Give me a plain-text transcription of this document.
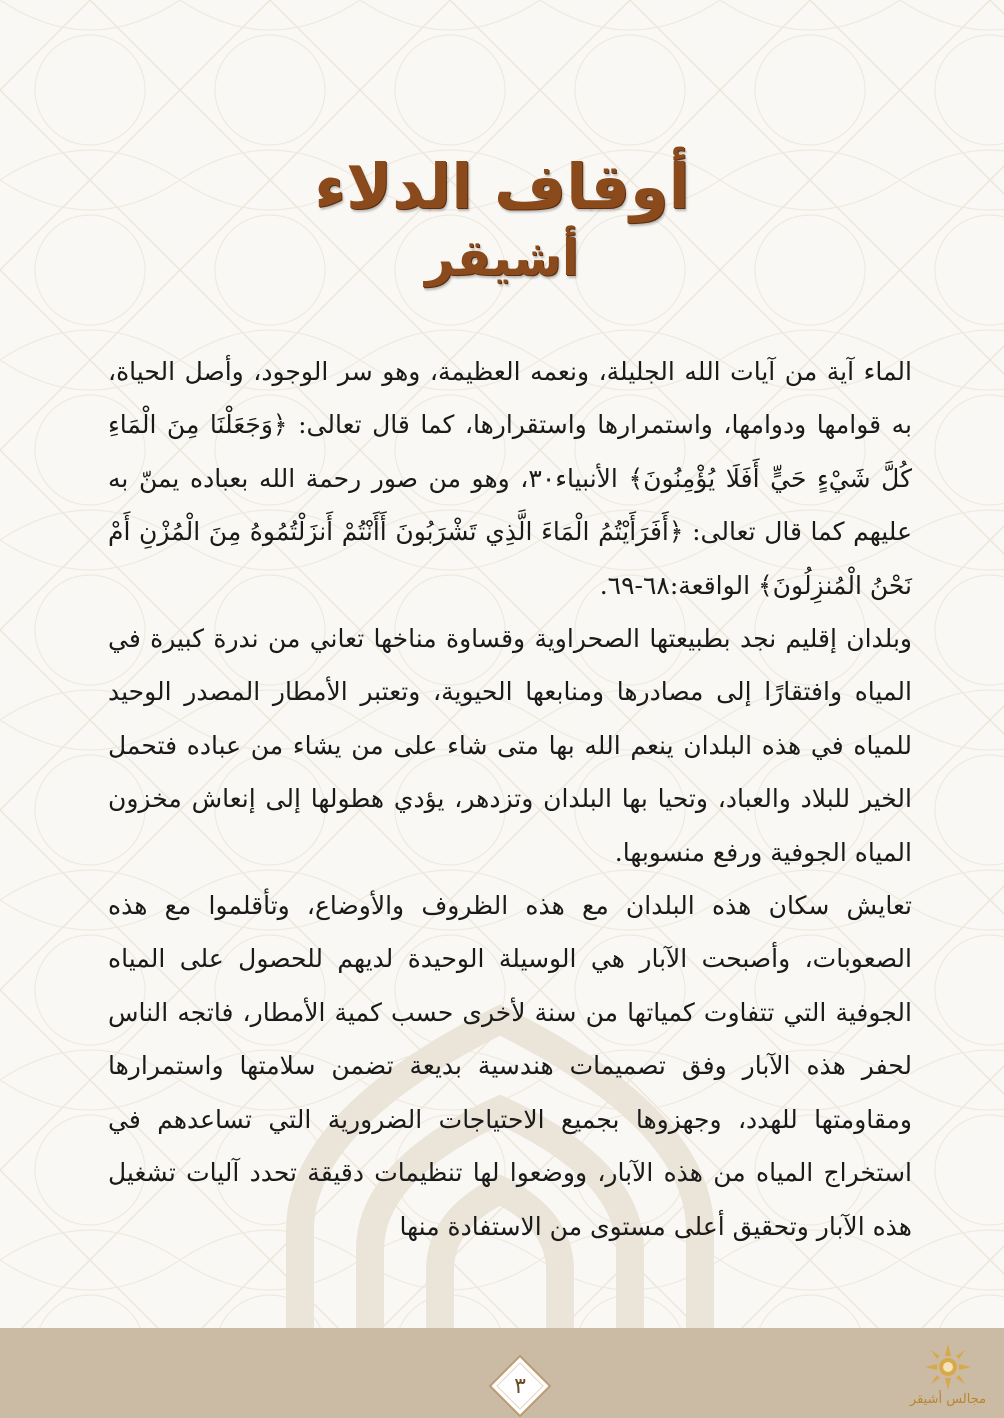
أوقاف الدلاء
أشيقر

الماء آية من آيات الله الجليلة، ونعمه العظيمة، وهو سر الوجود، وأصل الحياة، به قوامها ودوامها، واستمرارها واستقرارها، كما قال تعالى: ﴿وَجَعَلْنَا مِنَ الْمَاءِ كُلَّ شَيْءٍ حَيٍّ أَفَلَا يُؤْمِنُونَ﴾ الأنبياء٣٠، وهو من صور رحمة الله بعباده يمنّ به عليهم كما قال تعالى: ﴿أَفَرَأَيْتُمُ الْمَاءَ الَّذِي تَشْرَبُونَ أَأَنْتُمْ أَنزَلْتُمُوهُ مِنَ الْمُزْنِ أَمْ نَحْنُ الْمُنزِلُونَ﴾ الواقعة:٦٨-٦٩.

وبلدان إقليم نجد بطبيعتها الصحراوية وقساوة مناخها تعاني من ندرة كبيرة في المياه وافتقارًا إلى مصادرها ومنابعها الحيوية، وتعتبر الأمطار المصدر الوحيد للمياه في هذه البلدان ينعم الله بها متى شاء على من يشاء من عباده فتحمل الخير للبلاد والعباد، وتحيا بها البلدان وتزدهر، يؤدي هطولها إلى إنعاش مخزون المياه الجوفية ورفع منسوبها.

تعايش سكان هذه البلدان مع هذه الظروف والأوضاع، وتأقلموا مع هذه الصعوبات، وأصبحت الآبار هي الوسيلة الوحيدة لديهم للحصول على المياه الجوفية التي تتفاوت كمياتها من سنة لأخرى حسب كمية الأمطار، فاتجه الناس لحفر هذه الآبار وفق تصميمات هندسية بديعة تضمن سلامتها واستمرارها ومقاومتها للهدد، وجهزوها بجميع الاحتياجات الضرورية التي تساعدهم في استخراج المياه من هذه الآبار، ووضعوا لها تنظيمات دقيقة تحدد آليات تشغيل هذه الآبار وتحقيق أعلى مستوى من الاستفادة منها

٣
مجالس أشيقر
